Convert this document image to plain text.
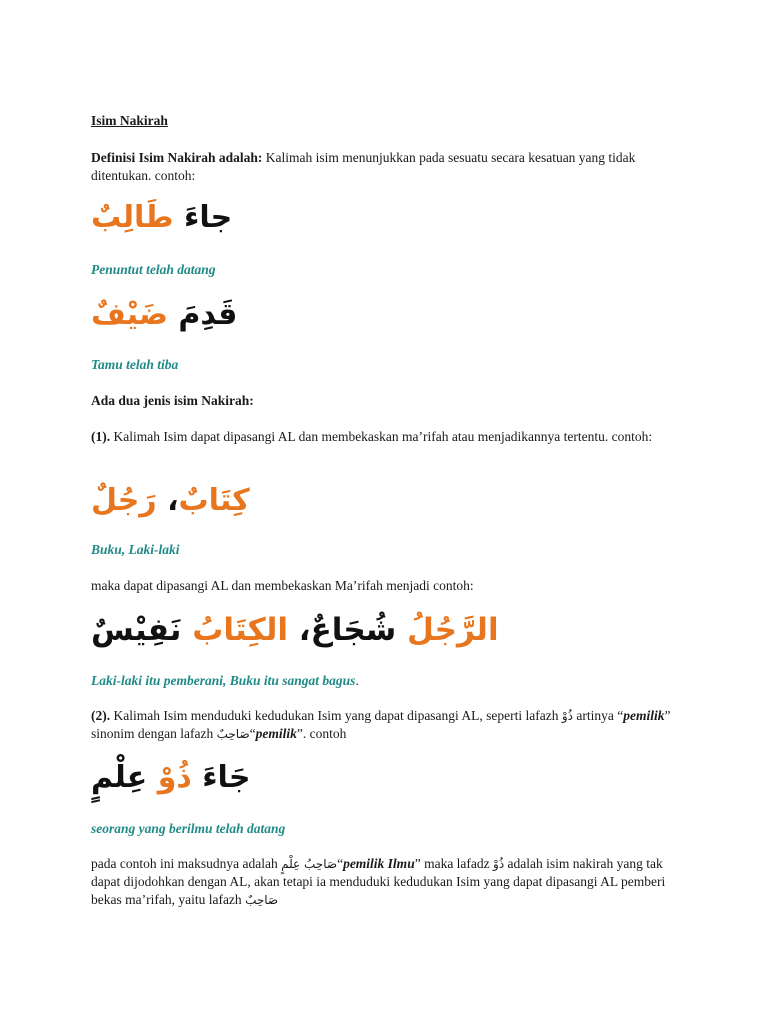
Isim Nakirah
Definisi Isim Nakirah adalah: Kalimah isim menunjukkan pada sesuatu secara kesatuan yang tidak ditentukan. contoh:
جاءَ طَالِبٌ
Penuntut telah datang
قَدِمَ ضَيْفٌ
Tamu telah tiba
Ada dua jenis isim Nakirah:
(1). Kalimah Isim dapat dipasangi AL dan membekaskan ma’rifah atau menjadikannya tertentu. contoh:
كِتَابٌ، رَجُلٌ
Buku, Laki-laki
maka dapat dipasangi AL dan membekaskan Ma’rifah menjadi contoh:
الرَّجُلُ شُجَاعٌ، الكِتَابُ نَفِيْسٌ
Laki-laki itu pemberani, Buku itu sangat bagus.
(2). Kalimah Isim menduduki kedudukan Isim yang dapat dipasangi AL, seperti lafazh ذُوْ artinya “pemilik” sinonim dengan lafazh صَاحِبٌ“pemilik”. contoh
جَاءَ ذُوْ عِلْمٍ
seorang yang berilmu telah datang
pada contoh ini maksudnya adalah صَاحِبُ عِلْمٍ“pemilik Ilmu” maka lafadz ذُوْ adalah isim nakirah yang tak dapat dijodohkan dengan AL, akan tetapi ia menduduki kedudukan Isim yang dapat dipasangi AL pemberi bekas ma’rifah, yaitu lafazh صَاحِبٌ
